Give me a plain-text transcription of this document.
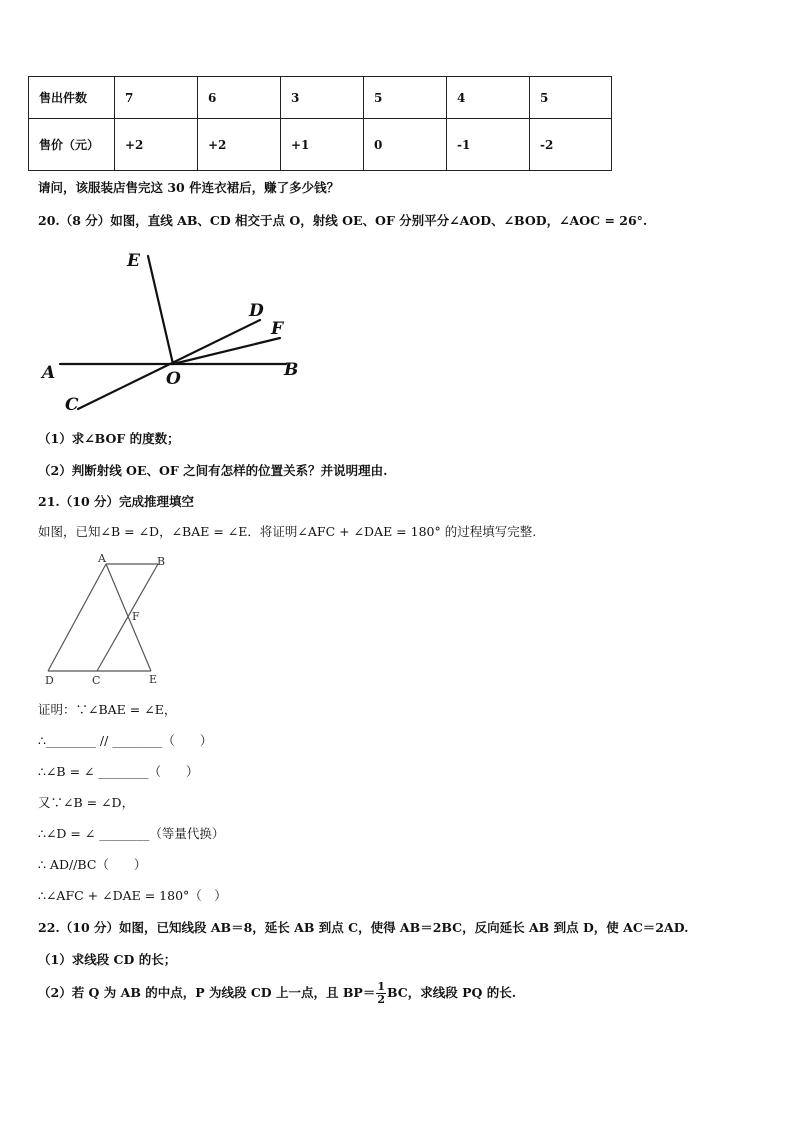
售出件数	7	6	3	5	4	5
售价（元）	+2	+2	+1	0	-1	-2
请问，该服装店售完这 30 件连衣裙后，赚了多少钱？
20.（8 分）如图，直线 AB、CD 相交于点 O，射线 OE、OF 分别平分∠AOD、∠BOD，∠AOC = 26°.
E
D
F
A	O	B
C
（1）求∠BOF 的度数；
（2）判断射线 OE、OF 之间有怎样的位置关系？并说明理由.
21.（10 分）完成推理填空
如图，已知∠B = ∠D，∠BAE = ∠E．将证明∠AFC + ∠DAE = 180° 的过程填写完整.
A	B
F
D	C	E
证明：∵∠BAE = ∠E，
∴________ // ________（　　）
∴∠B = ∠ ________（　　）
又∵∠B = ∠D，
∴∠D = ∠ ________（等量代换）
∴ AD//BC（　　）
∴∠AFC + ∠DAE = 180°（　）
22.（10 分）如图，已知线段 AB＝8，延长 AB 到点 C，使得 AB＝2BC，反向延长 AB 到点 D，使 AC＝2AD.
（1）求线段 CD 的长；
（2）若 Q 为 AB 的中点，P 为线段 CD 上一点，且 $BP= \frac{1}{2}$ BC，求线段 PQ 的长.
